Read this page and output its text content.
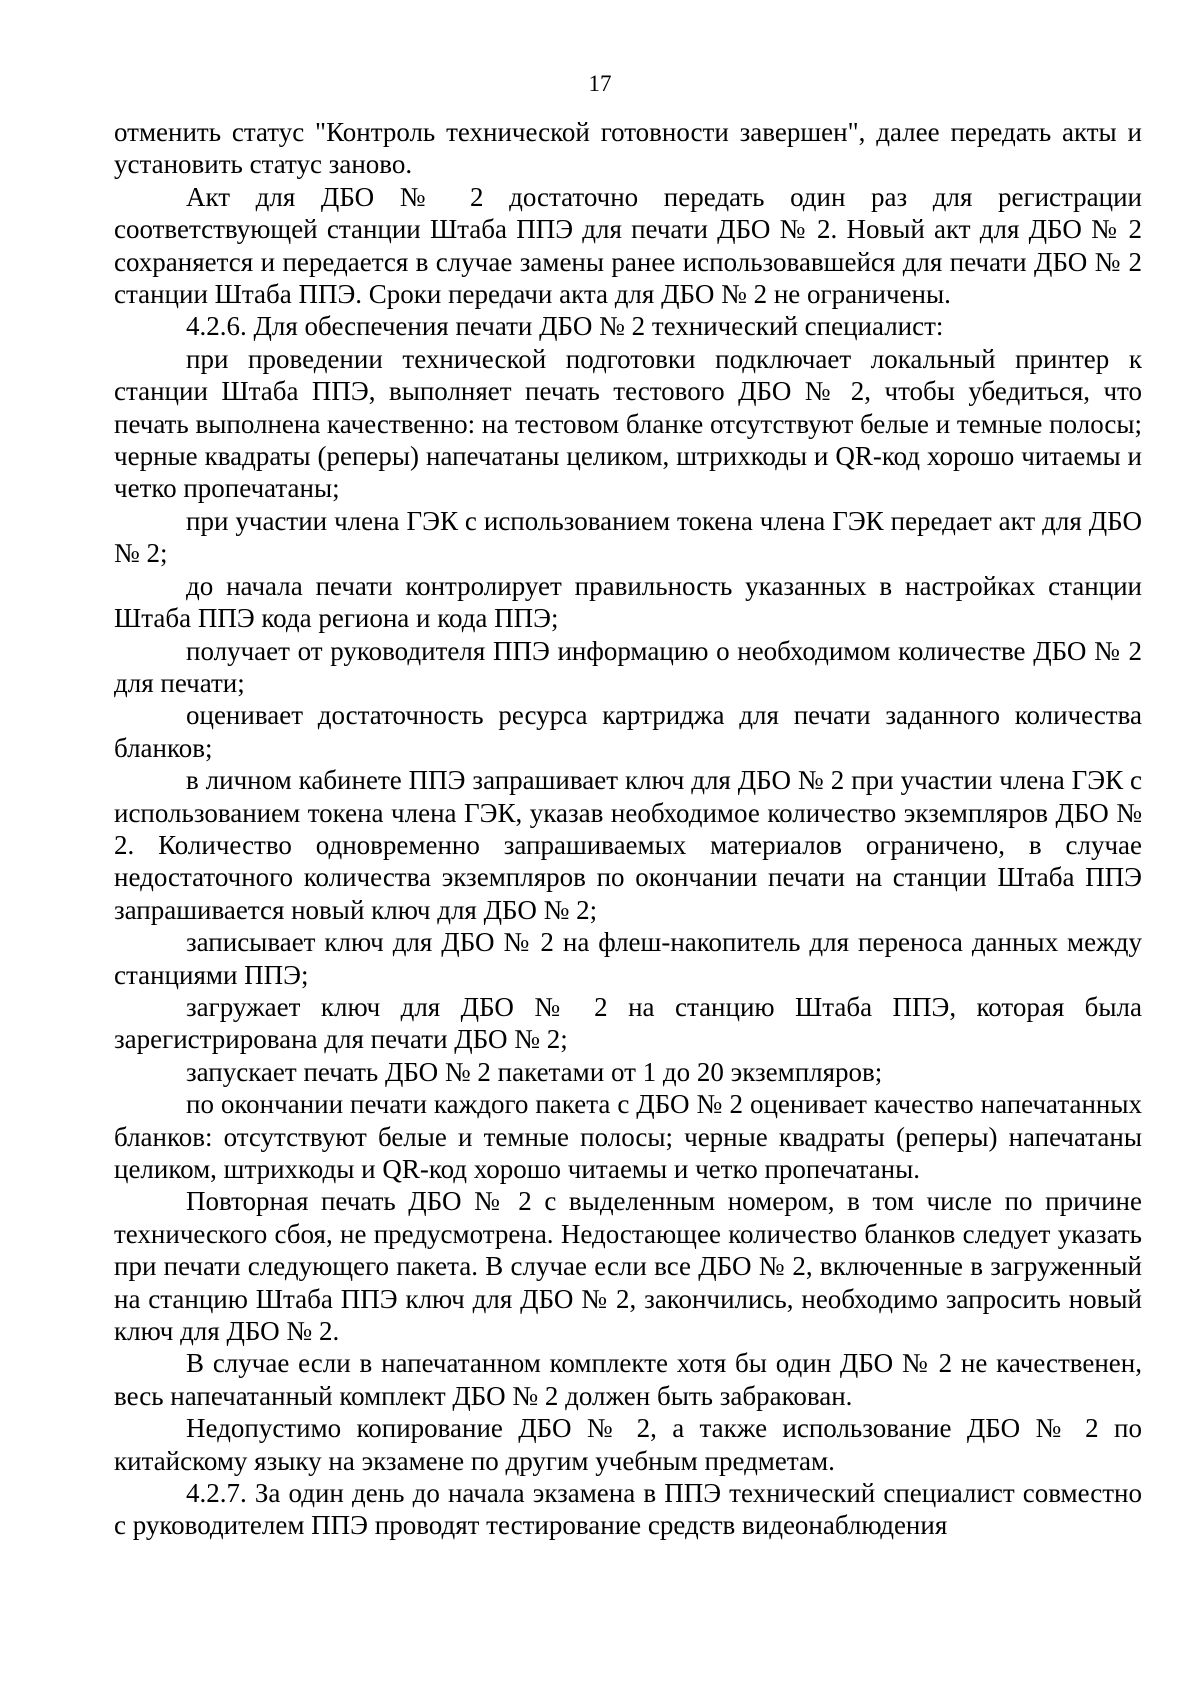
17

отменить статус "Контроль технической готовности завершен", далее передать акты и установить статус заново.

Акт для ДБО № 2 достаточно передать один раз для регистрации соответствующей станции Штаба ППЭ для печати ДБО № 2. Новый акт для ДБО № 2 сохраняется и передается в случае замены ранее использовавшейся для печати ДБО № 2 станции Штаба ППЭ. Сроки передачи акта для ДБО № 2 не ограничены.

4.2.6. Для обеспечения печати ДБО № 2 технический специалист:

при проведении технической подготовки подключает локальный принтер к станции Штаба ППЭ, выполняет печать тестового ДБО № 2, чтобы убедиться, что печать выполнена качественно: на тестовом бланке отсутствуют белые и темные полосы; черные квадраты (реперы) напечатаны целиком, штрихкоды и QR-код хорошо читаемы и четко пропечатаны;

при участии члена ГЭК с использованием токена члена ГЭК передает акт для ДБО № 2;

до начала печати контролирует правильность указанных в настройках станции Штаба ППЭ кода региона и кода ППЭ;

получает от руководителя ППЭ информацию о необходимом количестве ДБО № 2 для печати;

оценивает достаточность ресурса картриджа для печати заданного количества бланков;

в личном кабинете ППЭ запрашивает ключ для ДБО № 2 при участии члена ГЭК с использованием токена члена ГЭК, указав необходимое количество экземпляров ДБО № 2. Количество одновременно запрашиваемых материалов ограничено, в случае недостаточного количества экземпляров по окончании печати на станции Штаба ППЭ запрашивается новый ключ для ДБО № 2;

записывает ключ для ДБО № 2 на флеш-накопитель для переноса данных между станциями ППЭ;

загружает ключ для ДБО № 2 на станцию Штаба ППЭ, которая была зарегистрирована для печати ДБО № 2;

запускает печать ДБО № 2 пакетами от 1 до 20 экземпляров;

по окончании печати каждого пакета с ДБО № 2 оценивает качество напечатанных бланков: отсутствуют белые и темные полосы; черные квадраты (реперы) напечатаны целиком, штрихкоды и QR-код хорошо читаемы и четко пропечатаны.

Повторная печать ДБО № 2 с выделенным номером, в том числе по причине технического сбоя, не предусмотрена. Недостающее количество бланков следует указать при печати следующего пакета. В случае если все ДБО № 2, включенные в загруженный на станцию Штаба ППЭ ключ для ДБО № 2, закончились, необходимо запросить новый ключ для ДБО № 2.

В случае если в напечатанном комплекте хотя бы один ДБО № 2 не качественен, весь напечатанный комплект ДБО № 2 должен быть забракован.

Недопустимо копирование ДБО № 2, а также использование ДБО № 2 по китайскому языку на экзамене по другим учебным предметам.

4.2.7. За один день до начала экзамена в ППЭ технический специалист совместно с руководителем ППЭ проводят тестирование средств видеонаблюдения
